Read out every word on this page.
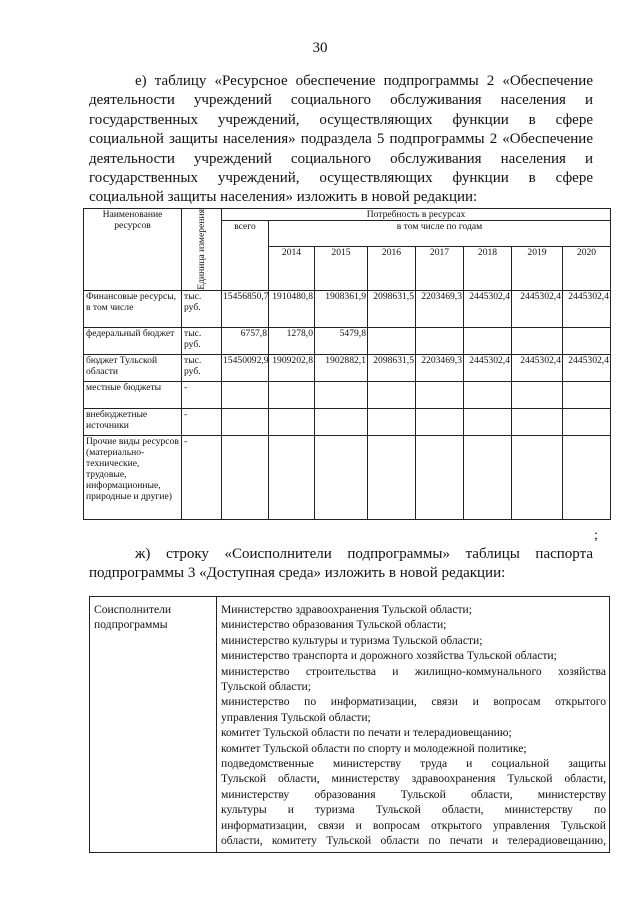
30
е) таблицу «Ресурсное обеспечение подпрограммы 2 «Обеспечение
деятельности учреждений социального обслуживания населения и
государственных учреждений, осуществляющих функции в сфере
социальной защиты населения» подраздела 5 подпрограммы 2 «Обеспечение
деятельности учреждений социального обслуживания населения и
государственных учреждений, осуществляющих функции в сфере
социальной защиты населения» изложить в новой редакции:
Наименование ресурсов	Единица измерения	Потребность в ресурсах							
		всего	в том числе по годам						
			2014	2015	2016	2017	2018	2019	2020
Финансовые ресурсы, в том числе	тыс. руб.	15456850,7	1910480,8	1908361,9	2098631,5	2203469,3	2445302,4	2445302,4	2445302,4
федеральный бюджет	тыс. руб.	6757,8	1278,0	5479,8					
бюджет Тульской области	тыс. руб.	15450092,9	1909202,8	1902882,1	2098631,5	2203469,3	2445302,4	2445302,4	2445302,4
местные бюджеты	-								
внебюджетные источники	-								
Прочие виды ресурсов (материально-технические, трудовые, информационные, природные и другие)	-								
;
ж) строку «Соисполнители подпрограммы» таблицы паспорта
подпрограммы 3 «Доступная среда» изложить в новой редакции:
Соисполнители подпрограммы	
Министерство здравоохранения Тульской области;
министерство образования Тульской области;
министерство культуры и туризма Тульской области;
министерство транспорта и дорожного хозяйства Тульской области;
министерство строительства и жилищно-коммунального хозяйства
Тульской области;
министерство по информатизации, связи и вопросам открытого
управления Тульской области;
комитет Тульской области по печати и телерадиовещанию;
комитет Тульской области по спорту и молодежной политике;
подведомственные министерству труда и социальной защиты
Тульской области, министерству здравоохранения Тульской области,
министерству образования Тульской области, министерству
культуры и туризма Тульской области, министерству по
информатизации, связи и вопросам открытого управления Тульской
области, комитету Тульской области по печати и телерадиовещанию,
